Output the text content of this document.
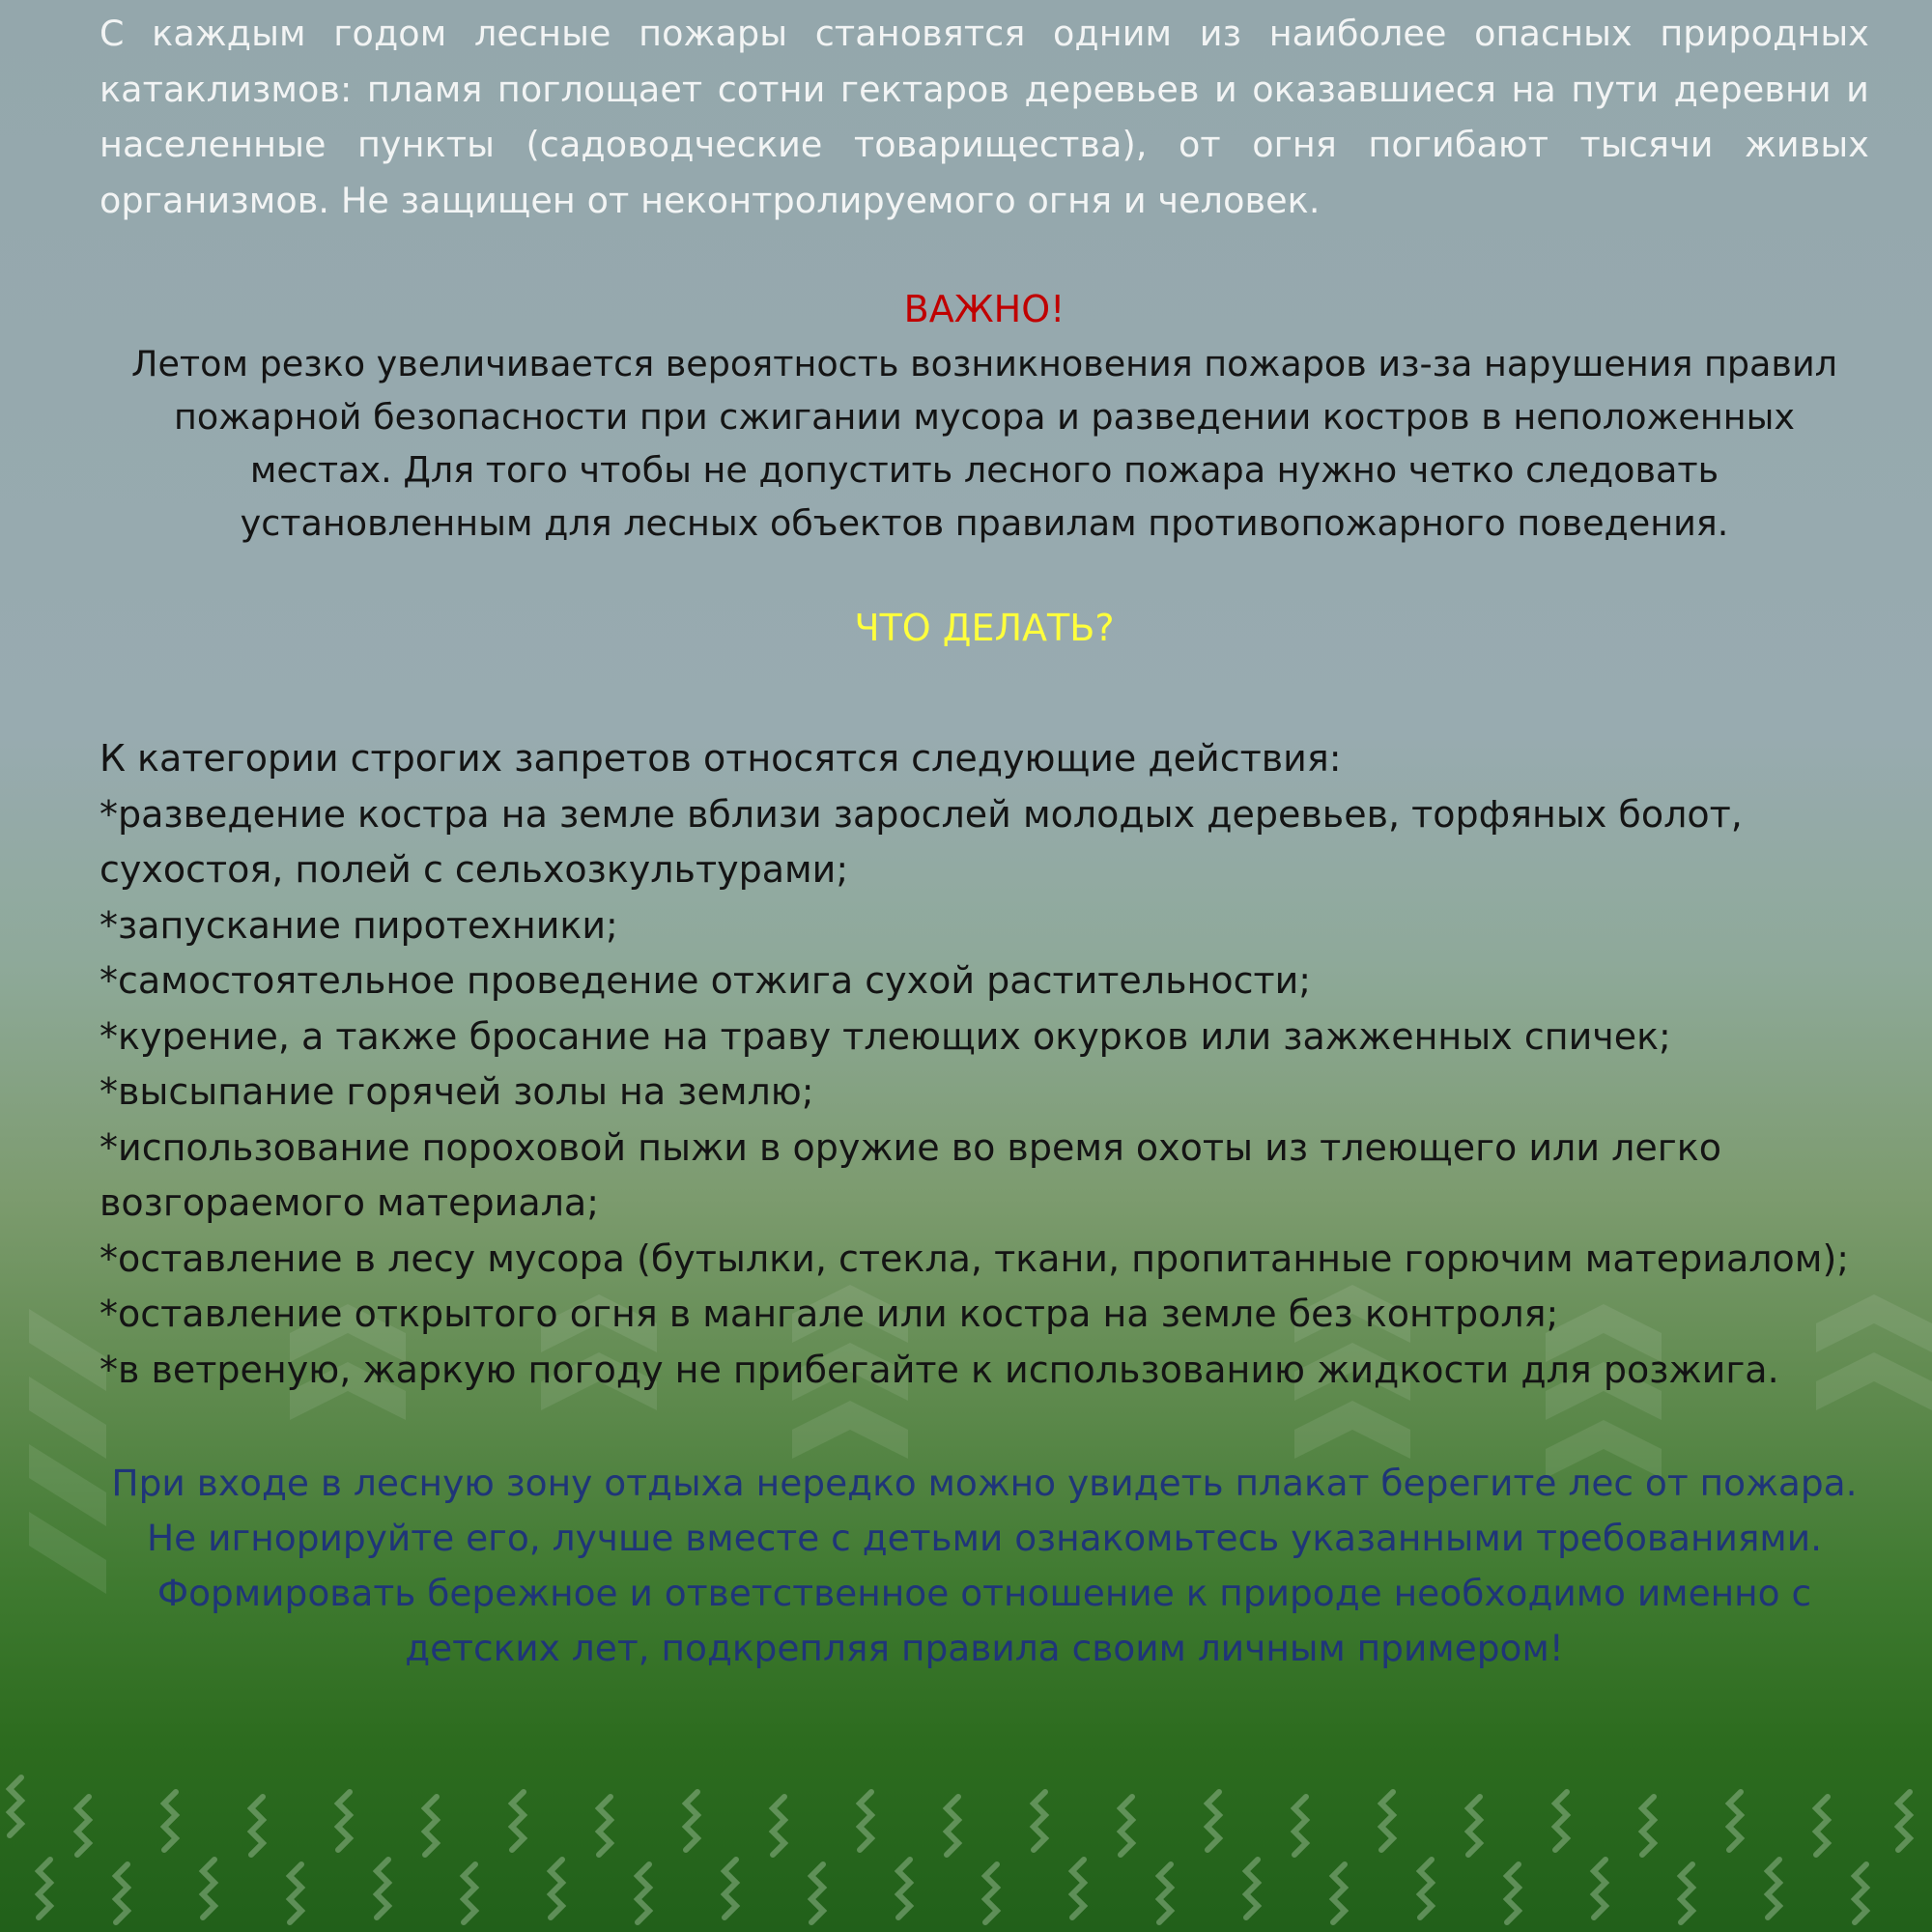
С каждым годом лесные пожары становятся одним из наиболее опасных природных катаклизмов: пламя поглощает сотни гектаров деревьев и оказавшиеся на пути деревни и населенные пункты (садоводческие товарищества), от огня погибают тысячи живых организмов. Не защищен от неконтролируемого огня и человек.

ВАЖНО!

Летом резко увеличивается вероятность возникновения пожаров из-за нарушения правил пожарной безопасности при сжигании мусора и разведении костров в неположенных местах. Для того чтобы не допустить лесного пожара нужно четко следовать установленным для лесных объектов правилам противопожарного поведения.

ЧТО ДЕЛАТЬ?

К категории строгих запретов относятся следующие действия:

*разведение костра на земле вблизи зарослей молодых деревьев, торфяных болот, сухостоя, полей с сельхозкультурами;

*запускание пиротехники;

*самостоятельное проведение отжига сухой растительности;

*курение, а также бросание на траву тлеющих окурков или зажженных спичек;

*высыпание горячей золы на землю;

*использование пороховой пыжи в оружие во время охоты из тлеющего или легко возгораемого материала;

*оставление в лесу мусора (бутылки, стекла, ткани, пропитанные горючим материалом);

*оставление открытого огня в мангале или костра на земле без контроля;

*в ветреную, жаркую погоду не прибегайте к использованию жидкости для розжига.

При входе в лесную зону отдыха нередко можно увидеть плакат берегите лес от пожара.

Не игнорируйте его, лучше вместе с детьми ознакомьтесь указанными требованиями.

Формировать бережное и ответственное отношение к природе необходимо именно с детских лет, подкрепляя правила своим личным примером!
